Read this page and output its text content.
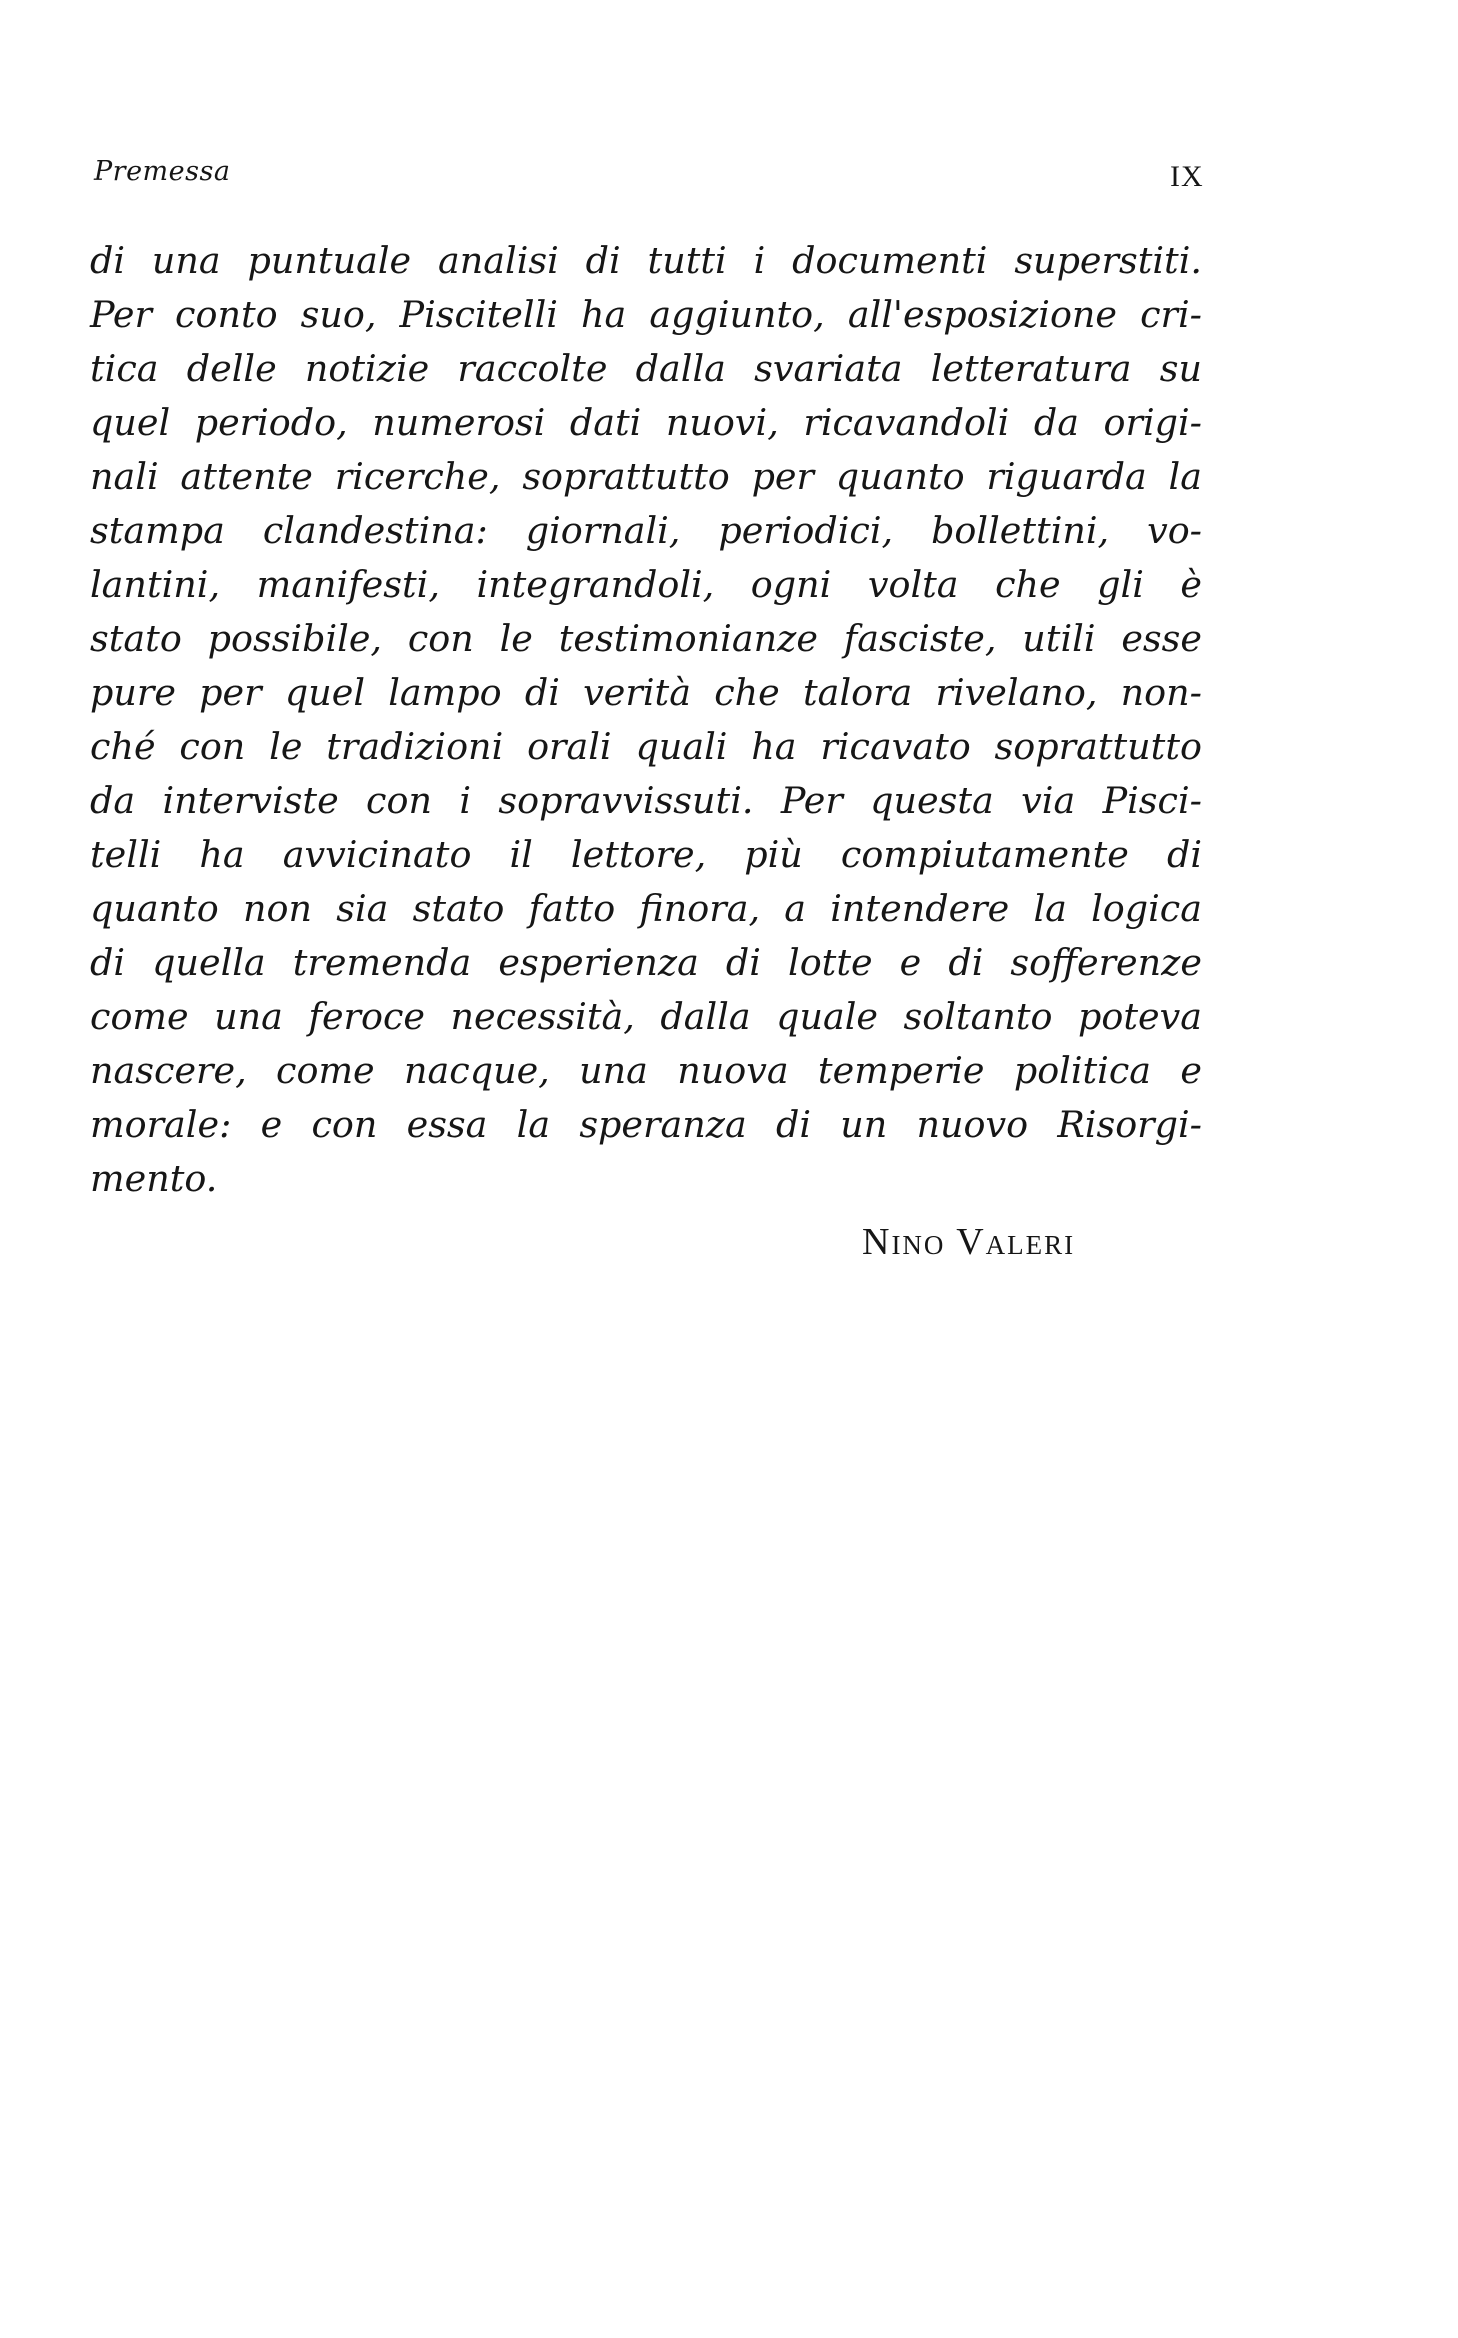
Premessa	IX
di una puntuale analisi di tutti i documenti superstiti.
Per conto suo, Piscitelli ha aggiunto, all'esposizione cri-
tica delle notizie raccolte dalla svariata letteratura su
quel periodo, numerosi dati nuovi, ricavandoli da origi-
nali attente ricerche, soprattutto per quanto riguarda la
stampa clandestina: giornali, periodici, bollettini, vo-
lantini, manifesti, integrandoli, ogni volta che gli è
stato possibile, con le testimonianze fasciste, utili esse
pure per quel lampo di verità che talora rivelano, non-
ché con le tradizioni orali quali ha ricavato soprattutto
da interviste con i sopravvissuti. Per questa via Pisci-
telli ha avvicinato il lettore, più compiutamente di
quanto non sia stato fatto finora, a intendere la logica
di quella tremenda esperienza di lotte e di sofferenze
come una feroce necessità, dalla quale soltanto poteva
nascere, come nacque, una nuova temperie politica e
morale: e con essa la speranza di un nuovo Risorgi-
mento.
Nino Valeri
